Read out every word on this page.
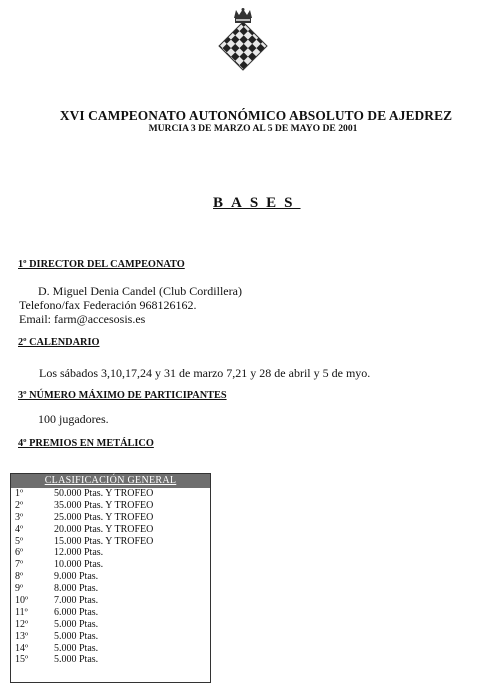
XVI CAMPEONATO AUTONÓMICO ABSOLUTO DE AJEDREZ
MURCIA 3 DE MARZO AL 5 DE MAYO DE 2001
BASES
1º DIRECTOR DEL CAMPEONATO
D. Miguel Denia Candel (Club Cordillera)
Telefono/fax Federación 968126162.
Email: farm@accesosis.es
2º CALENDARIO
Los sábados 3,10,17,24 y 31 de marzo 7,21 y 28 de abril y 5 de myo.
3º NÚMERO MÁXIMO DE PARTICIPANTES
100 jugadores.
4º PREMIOS EN METÁLICO
CLASIFICACIÓN GENERAL
1º	50.000 Ptas. Y TROFEO
2º	35.000 Ptas. Y TROFEO
3º	25.000 Ptas. Y TROFEO
4º	20.000 Ptas. Y TROFEO
5º	15.000 Ptas. Y TROFEO
6º	12.000 Ptas.
7º	10.000 Ptas.
8º	9.000 Ptas.
9º	8.000 Ptas.
10º	7.000 Ptas.
11º	6.000 Ptas.
12º	5.000 Ptas.
13º	5.000 Ptas.
14º	5.000 Ptas.
15º	5.000 Ptas.
